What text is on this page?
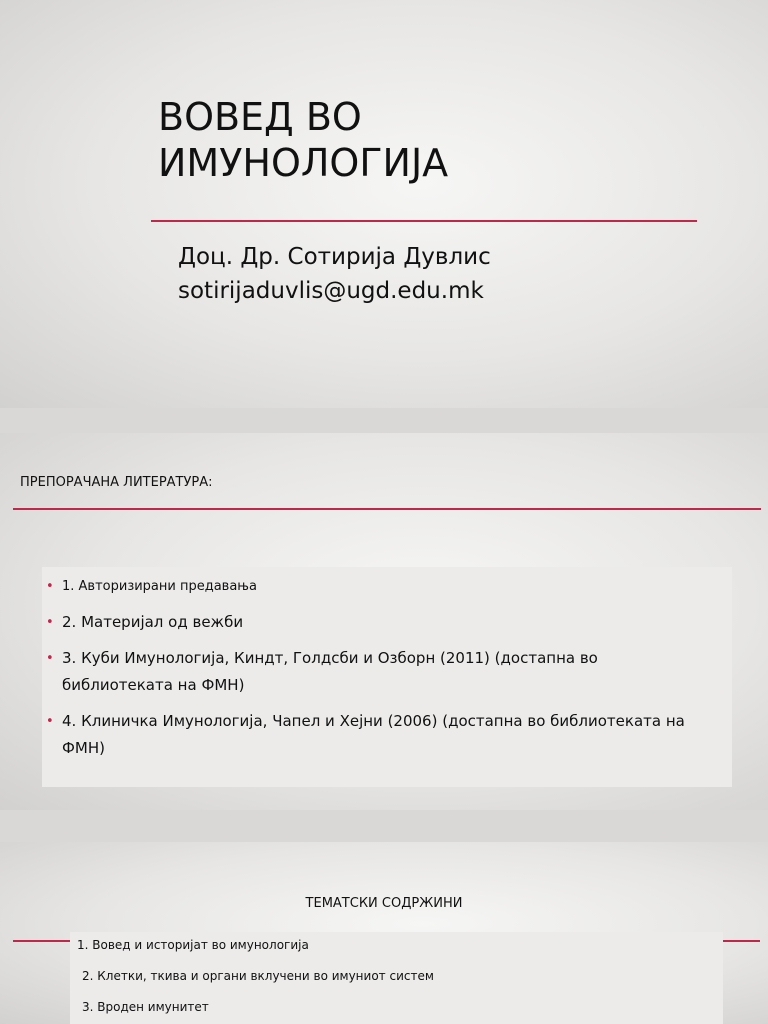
ВОВЕД ВО
ИМУНОЛОГИЈА
Доц. Др. Сотирија Дувлис
sotirijaduvlis@ugd.edu.mk
ПРЕПОРАЧАНА ЛИТЕРАТУРА:
• 1. Авторизирани предавања
• 2. Материјал од вежби
• 3. Куби Имунологија, Киндт, Голдсби и Озборн (2011) (достапна во библиотеката на ФМН)
• 4. Клиничка Имунологија, Чапел и Хејни (2006) (достапна во библиотеката на ФМН)
ТЕМАТСКИ СОДРЖИНИ
1. Вовед и историјат во имунологија
2. Клетки, ткива и органи вклучени во имуниот систем
3. Вроден имунитет
